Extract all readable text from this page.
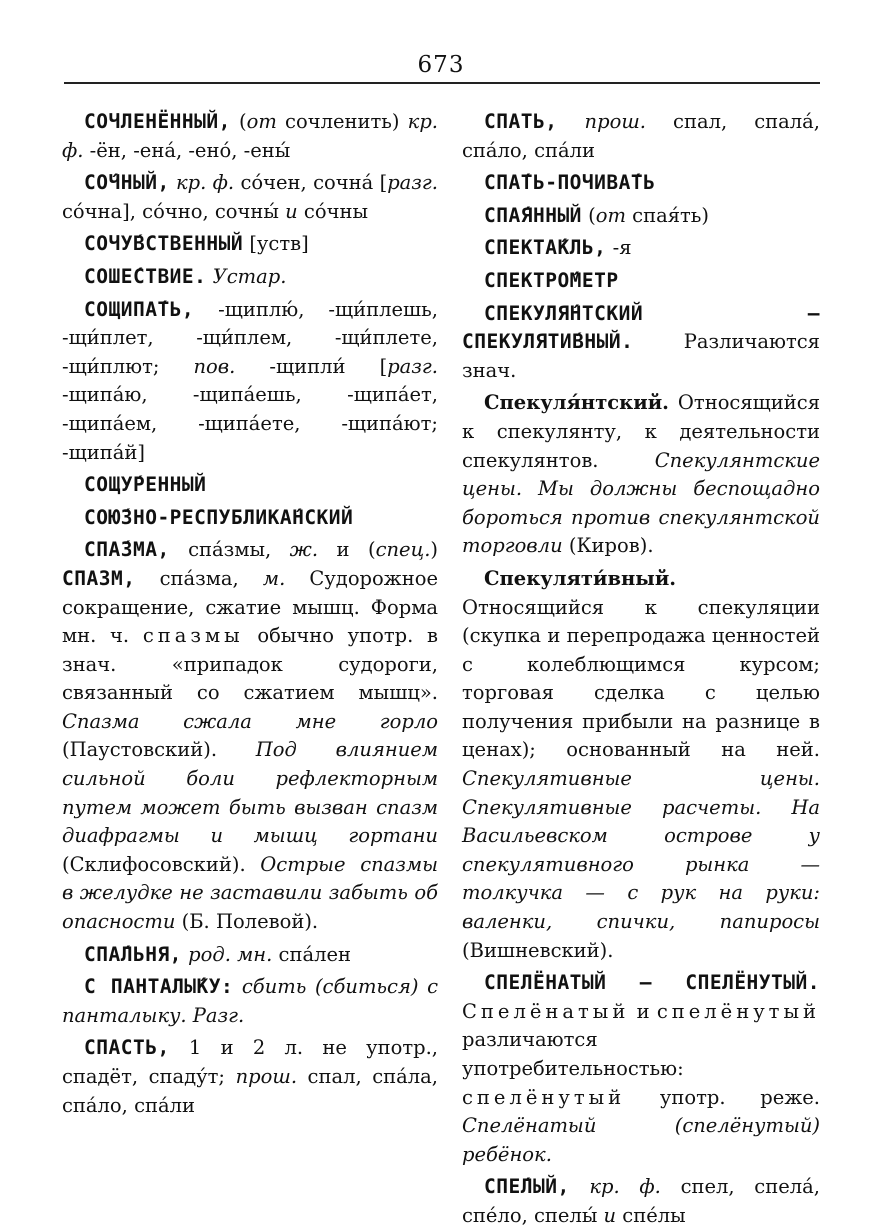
673

СОЧЛЕНЁННЫЙ, (от сочленить) кр. ф. -ён, -ена́, -ено́, -ены́

СО́ЧНЫЙ, кр. ф. со́чен, сочна́ [разг. со́чна], со́чно, сочны́ и со́чны

СОЧУ́ВСТВЕННЫЙ [уств]

СОШЕ́СТВИЕ. Устар.

СОЩИПА́ТЬ, -щиплю́, -щи́плешь, -щи́плет, -щи́плем, -щи́плете, -щи́плют; пов. -щипли́ [разг. -щипа́ю, -щипа́ешь, -щипа́ет, -щипа́ем, -щипа́ете, -щипа́ют; -щипа́й]

СОЩУ́РЕННЫЙ

СОЮ́ЗНО-РЕСПУБЛИКА́НСКИЙ

СПА́ЗМА, спа́змы, ж. и (спец.) СПАЗМ, спа́зма, м. Судорожное сокращение, сжатие мышц. Форма мн. ч. спазмы обычно употр. в знач. «припадок судороги, связанный со сжатием мышц». Спазма сжала мне горло (Паустовский). Под влиянием сильной боли рефлекторным путем может быть вызван спазм диафрагмы и мышц гортани (Склифосовский). Острые спазмы в желудке не заставили забыть об опасности (Б. Полевой).

СПА́ЛЬНЯ, род. мн. спа́лен

С ПАНТАЛЫ́КУ: сбить (сбиться) с панталыку. Разг.

СПАСТЬ, 1 и 2 л. не употр., спадёт, спаду́т; прош. спал, спа́ла, спа́ло, спа́ли

СПАТЬ, прош. спал, спала́, спа́ло, спа́ли

СПА́ТЬ-ПОЧИВА́ТЬ

СПА́ЯННЫЙ (от спая́ть)

СПЕКТА́КЛЬ, -я

СПЕКТРО́МЕТР

СПЕКУЛЯ́НТСКИЙ — СПЕКУЛЯТИ́ВНЫЙ. Различаются знач.

Спекуля́нтский. Относящийся к спекулянту, к деятельности спекулянтов. Спекулянтские цены. Мы должны беспощадно бороться против спекулянтской торговли (Киров).

Спекуляти́вный. Относящийся к спекуляции (скупка и перепродажа ценностей с колеблющимся курсом; торговая сделка с целью получения прибыли на разнице в ценах); основанный на ней. Спекулятивные цены. Спекулятивные расчеты. На Васильевском острове у спекулятивного рынка — толкучка — с рук на руки: валенки, спички, папиросы (Вишневский).

СПЕЛЁНАТЫЙ — СПЕЛЁНУТЫЙ. Спелёнатый и спелёнутый различаются употребительностью: спелёнутый употр. реже. Спелёнатый (спелёнутый) ребёнок.

СПЕ́ЛЫЙ, кр. ф. спел, спела́, спе́ло, спелы́ и спе́лы
